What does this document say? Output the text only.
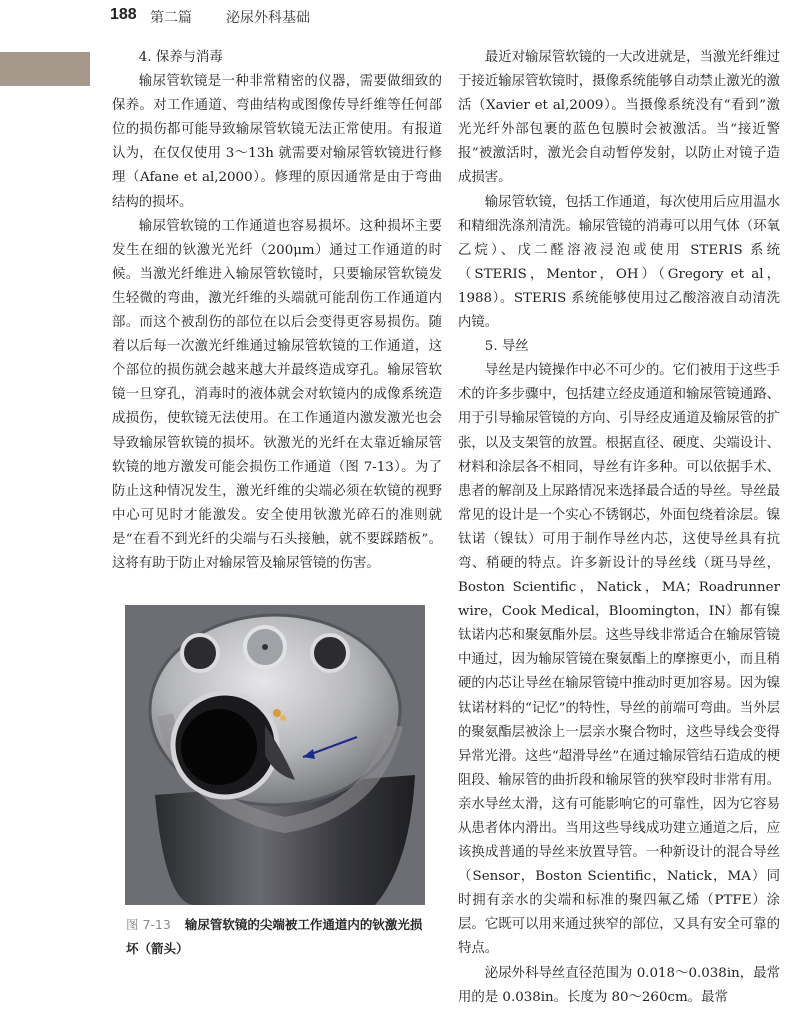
188 第二篇 泌尿外科基础

4. 保养与消毒

输尿管软镜是一种非常精密的仪器，需要做细致的保养。对工作通道、弯曲结构或图像传导纤维等任何部位的损伤都可能导致输尿管软镜无法正常使用。有报道认为，在仅仅使用 3～13h 就需要对输尿管软镜进行修理（Afane et al,2000）。修理的原因通常是由于弯曲结构的损坏。

输尿管软镜的工作通道也容易损坏。这种损坏主要发生在细的钬激光光纤（200μm）通过工作通道的时候。当激光纤维进入输尿管软镜时，只要输尿管软镜发生轻微的弯曲，激光纤维的头端就可能刮伤工作通道内部。而这个被刮伤的部位在以后会变得更容易损伤。随着以后每一次激光纤维通过输尿管软镜的工作通道，这个部位的损伤就会越来越大并最终造成穿孔。输尿管软镜一旦穿孔，消毒时的液体就会对软镜内的成像系统造成损伤，使软镜无法使用。在工作通道内激发激光也会导致输尿管软镜的损坏。钬激光的光纤在太靠近输尿管软镜的地方激发可能会损伤工作通道（图 7-13）。为了防止这种情况发生，激光纤维的尖端必须在软镜的视野中心可见时才能激发。安全使用钬激光碎石的准则就是“在看不到光纤的尖端与石头接触，就不要踩踏板”。这将有助于防止对输尿管及输尿管镜的伤害。

图 7-13 输尿管软镜的尖端被工作通道内的钬激光损坏（箭头）

最近对输尿管软镜的一大改进就是，当激光纤维过于接近输尿管软镜时，摄像系统能够自动禁止激光的激活（Xavier et al,2009）。当摄像系统没有“看到”激光光纤外部包裹的蓝色包膜时会被激活。当“接近警报”被激活时，激光会自动暂停发射，以防止对镜子造成损害。

输尿管软镜，包括工作通道，每次使用后应用温水和精细洗涤剂清洗。输尿管镜的消毒可以用气体（环氧乙烷）、戊二醛溶液浸泡或使用 STERIS 系统（STERIS，Mentor，OH）（Gregory et al，1988）。STERIS 系统能够使用过乙酸溶液自动清洗内镜。

5. 导丝

导丝是内镜操作中必不可少的。它们被用于这些手术的许多步骤中，包括建立经皮通道和输尿管镜通路、用于引导输尿管镜的方向、引导经皮通道及输尿管的扩张，以及支架管的放置。根据直径、硬度、尖端设计、材料和涂层各不相同，导丝有许多种。可以依据手术、患者的解剖及上尿路情况来选择最合适的导丝。导丝最常见的设计是一个实心不锈钢芯，外面包绕着涂层。镍钛诺（镍钛）可用于制作导丝内芯，这使导丝具有抗弯、稍硬的特点。许多新设计的导丝线（斑马导丝，Boston Scientific，Natick，MA；Roadrunner wire，Cook Medical，Bloomington，IN）都有镍钛诺内芯和聚氨酯外层。这些导线非常适合在输尿管镜中通过，因为输尿管镜在聚氨酯上的摩擦更小，而且稍硬的内芯让导丝在输尿管镜中推动时更加容易。因为镍钛诺材料的“记忆”的特性，导丝的前端可弯曲。当外层的聚氨酯层被涂上一层亲水聚合物时，这些导线会变得异常光滑。这些“超滑导丝”在通过输尿管结石造成的梗阻段、输尿管的曲折段和输尿管的狭窄段时非常有用。亲水导丝太滑，这有可能影响它的可靠性，因为它容易从患者体内滑出。当用这些导线成功建立通道之后，应该换成普通的导丝来放置导管。一种新设计的混合导丝（Sensor，Boston Scientific，Natick，MA）同时拥有亲水的尖端和标准的聚四氟乙烯（PTFE）涂层。它既可以用来通过狭窄的部位，又具有安全可靠的特点。

泌尿外科导丝直径范围为 0.018～0.038in，最常用的是 0.038in。长度为 80～260cm。最常
